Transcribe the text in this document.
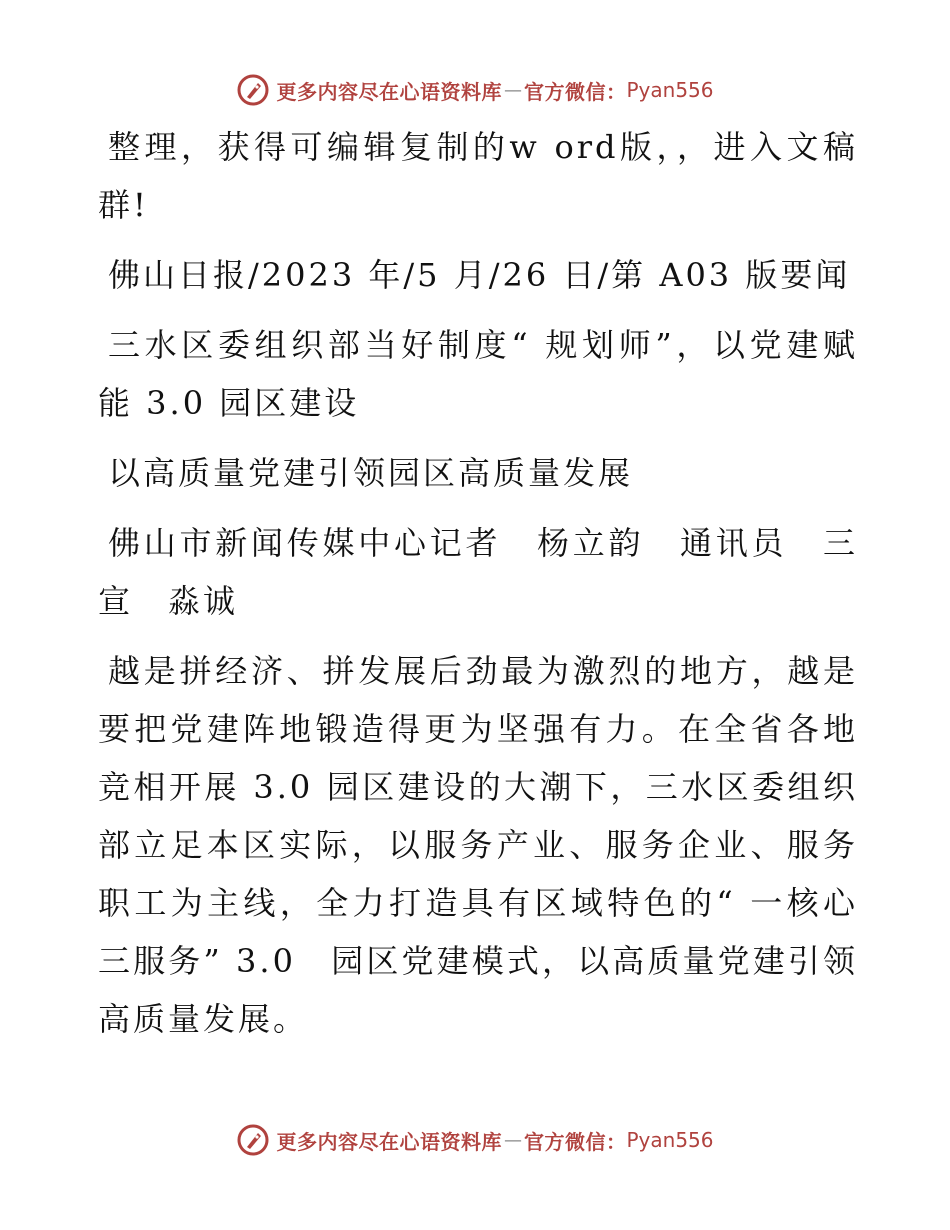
更多内容尽在心语资料库 — 官方微信： Pyan556

整理，获得可编辑复制的w ord版，，进入文稿群!

佛山日报/2023 年/5 月/26 日/第 A03 版要闻

三水区委组织部当好制度“ 规划师”，以党建赋能 3.0 园区建设

以高质量党建引领园区高质量发展

佛山市新闻传媒中心记者　杨立韵　通讯员　三宣　淼诚

越是拼经济、拼发展后劲最为激烈的地方，越是要把党建阵地锻造得更为坚强有力。在全省各地竞相开展 3.0 园区建设的大潮下，三水区委组织部立足本区实际，以服务产业、服务企业、服务职工为主线，全力打造具有区域特色的“ 一核心三服务” 3.0　园区党建模式，以高质量党建引领高质量发展。

更多内容尽在心语资料库 — 官方微信： Pyan556
